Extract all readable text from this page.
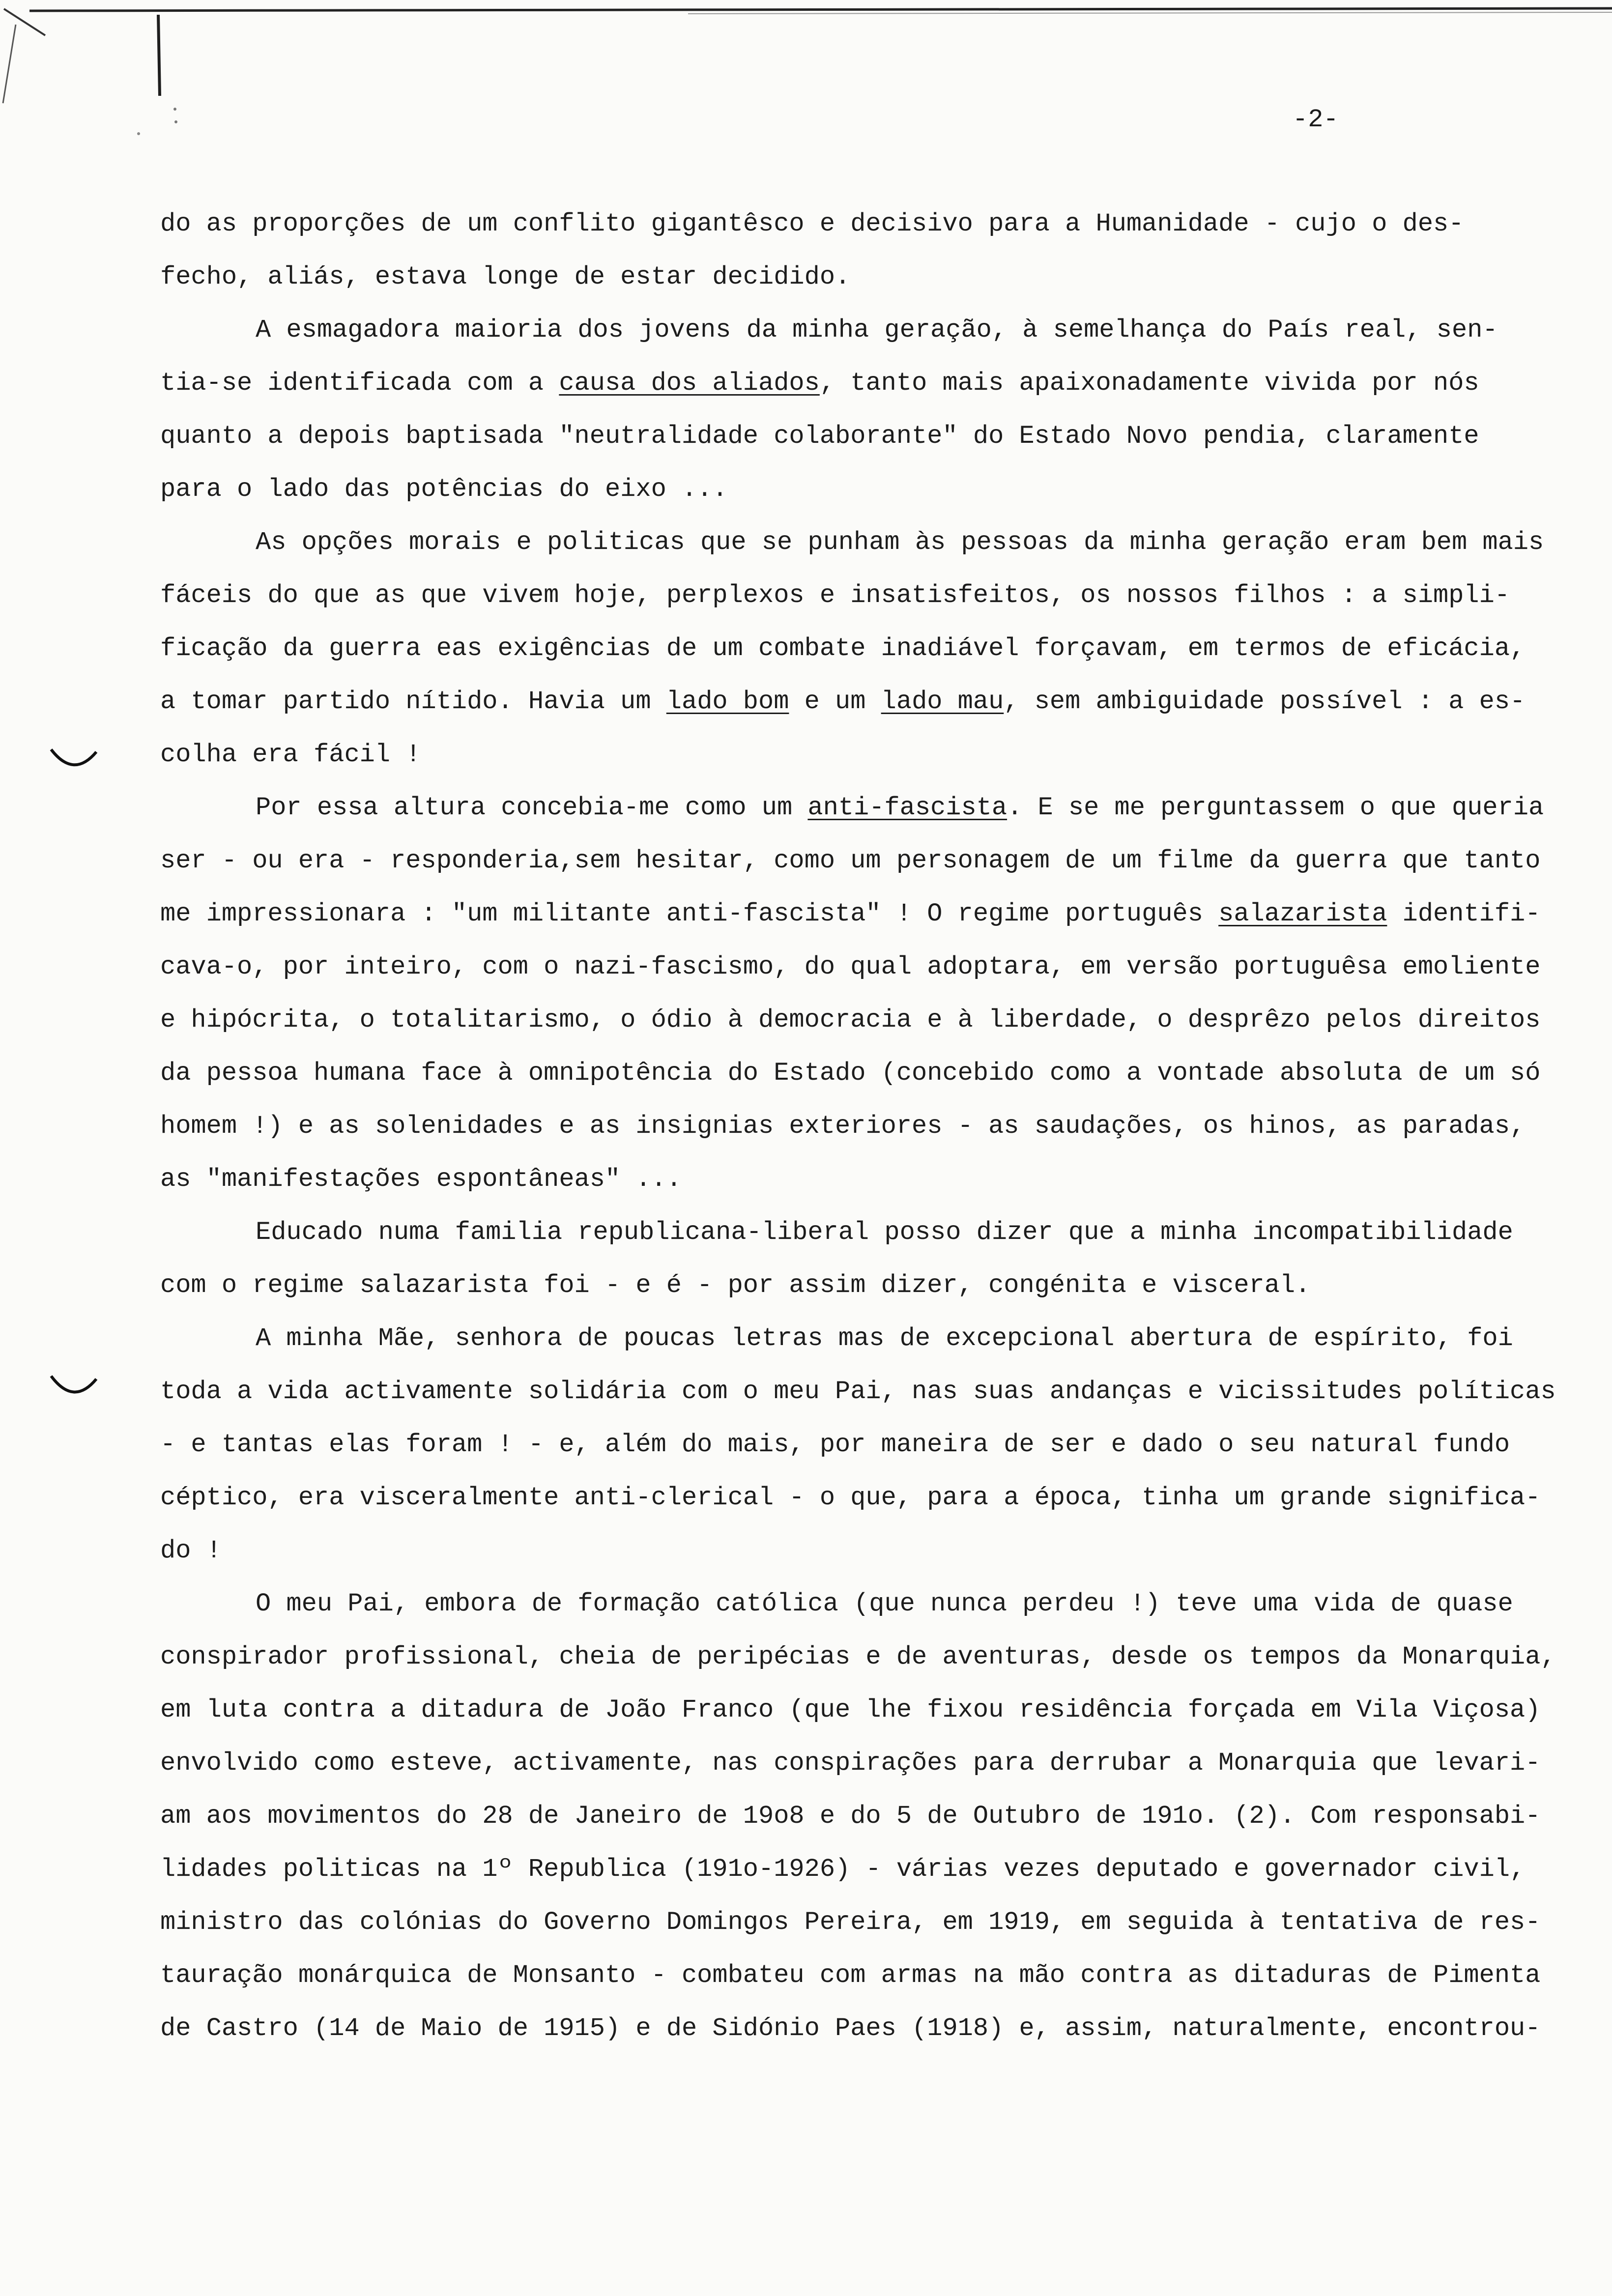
-2-
do as proporções de um conflito gigantêsco e decisivo para a Humanidade - cujo o des-
fecho, aliás, estava longe de estar decidido.
A esmagadora maioria dos jovens da minha geração, à semelhança do País real, sen-
tia-se identificada com a causa dos aliados, tanto mais apaixonadamente vivida por nós
quanto a depois baptisada "neutralidade colaborante" do Estado Novo pendia, claramente
para o lado das potências do eixo ...
As opções morais e politicas que se punham às pessoas da minha geração eram bem mais
fáceis do que as que vivem hoje, perplexos e insatisfeitos, os nossos filhos : a simpli-
ficação da guerra eas exigências de um combate inadiável forçavam, em termos de eficácia,
a tomar partido nítido. Havia um lado bom e um lado mau, sem ambiguidade possível : a es-
colha era fácil !
Por essa altura concebia-me como um anti-fascista. E se me perguntassem o que queria
ser - ou era - responderia,sem hesitar, como um personagem de um filme da guerra que tanto
me impressionara : "um militante anti-fascista" ! O regime português salazarista identifi-
cava-o, por inteiro, com o nazi-fascismo, do qual adoptara, em versão portuguêsa emoliente
e hipócrita, o totalitarismo, o ódio à democracia e à liberdade, o desprêzo pelos direitos
da pessoa humana face à omnipotência do Estado (concebido como a vontade absoluta de um só
homem !) e as solenidades e as insignias exteriores - as saudações, os hinos, as paradas,
as "manifestações espontâneas" ...
Educado numa familia republicana-liberal posso dizer que a minha incompatibilidade
com o regime salazarista foi - e é - por assim dizer, congénita e visceral.
A minha Mãe, senhora de poucas letras mas de excepcional abertura de espírito, foi
toda a vida activamente solidária com o meu Pai, nas suas andanças e vicissitudes políticas
- e tantas elas foram ! - e, além do mais, por maneira de ser e dado o seu natural fundo
céptico, era visceralmente anti-clerical - o que, para a época, tinha um grande significa-
do !
O meu Pai, embora de formação católica (que nunca perdeu !) teve uma vida de quase
conspirador profissional, cheia de peripécias e de aventuras, desde os tempos da Monarquia,
em luta contra a ditadura de João Franco (que lhe fixou residência forçada em Vila Viçosa)
envolvido como esteve, activamente, nas conspirações para derrubar a Monarquia que levari-
am aos movimentos do 28 de Janeiro de 19o8 e do 5 de Outubro de 191o. (2). Com responsabi-
lidades politicas na 1º Republica (191o-1926) - várias vezes deputado e governador civil,
ministro das colónias do Governo Domingos Pereira, em 1919, em seguida à tentativa de res-
tauração monárquica de Monsanto - combateu com armas na mão contra as ditaduras de Pimenta
de Castro (14 de Maio de 1915) e de Sidónio Paes (1918) e, assim, naturalmente, encontrou-
